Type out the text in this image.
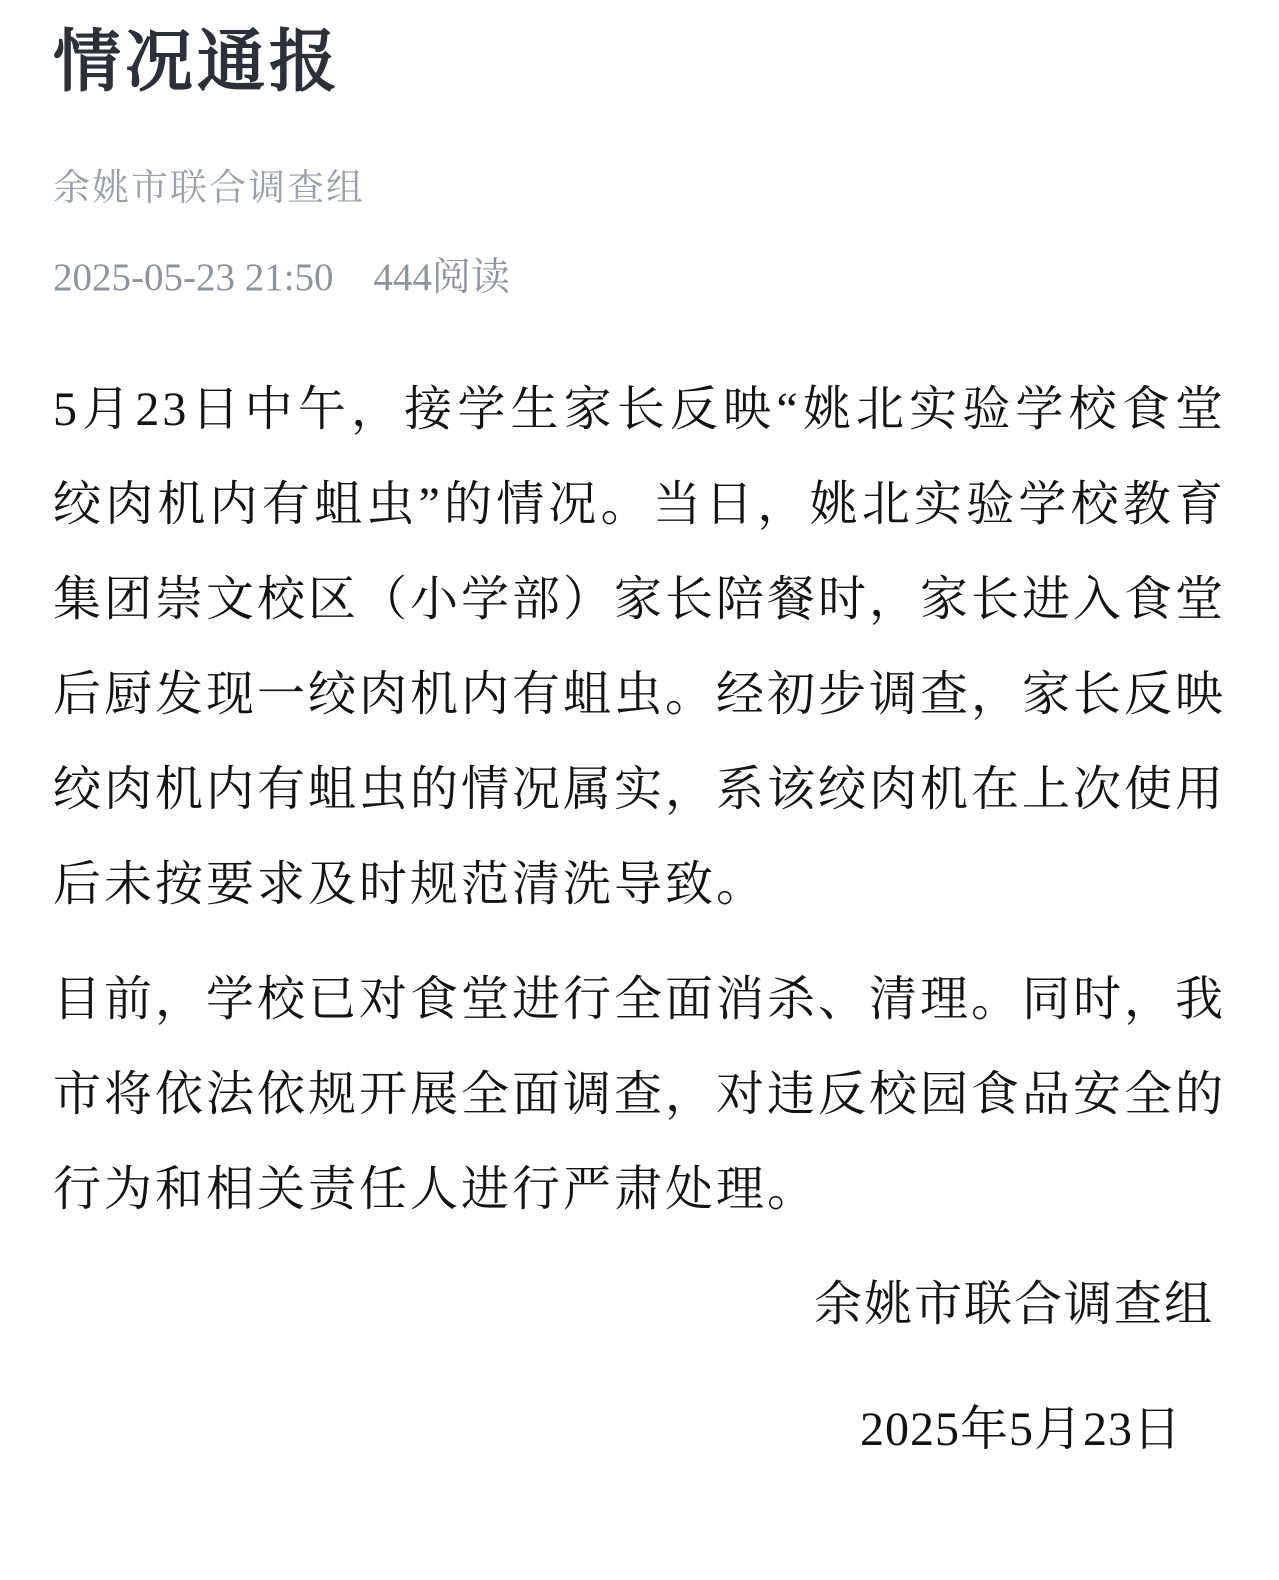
情况通报
余姚市联合调查组
2025-05-23 21:50 444阅读

5月23日中午，接学生家长反映“姚北实验学校食堂绞肉机内有蛆虫”的情况。当日，姚北实验学校教育集团崇文校区（小学部）家长陪餐时，家长进入食堂后厨发现一绞肉机内有蛆虫。经初步调查，家长反映绞肉机内有蛆虫的情况属实，系该绞肉机在上次使用后未按要求及时规范清洗导致。

目前，学校已对食堂进行全面消杀、清理。同时，我市将依法依规开展全面调查，对违反校园食品安全的行为和相关责任人进行严肃处理。

余姚市联合调查组

2025年5月23日
